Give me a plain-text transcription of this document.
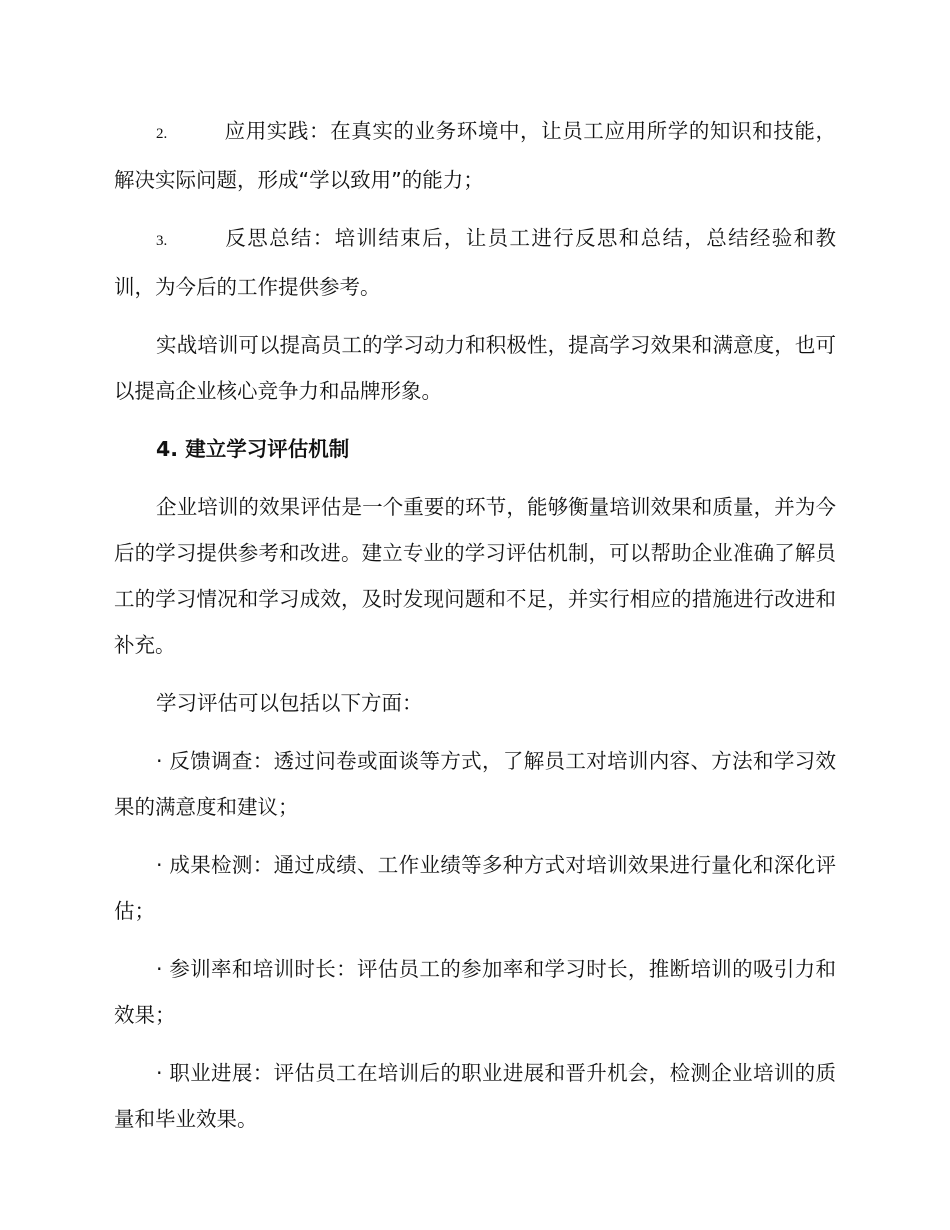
2.	应用实践：在真实的业务环境中，让员工应用所学的知识和技能，解决实际问题，形成“学以致用”的能力；

3.	反思总结：培训结束后，让员工进行反思和总结，总结经验和教训，为今后的工作提供参考。

实战培训可以提高员工的学习动力和积极性，提高学习效果和满意度，也可以提高企业核心竞争力和品牌形象。

4. 建立学习评估机制

企业培训的效果评估是一个重要的环节，能够衡量培训效果和质量，并为今后的学习提供参考和改进。建立专业的学习评估机制，可以帮助企业准确了解员工的学习情况和学习成效，及时发现问题和不足，并实行相应的措施进行改进和补充。

学习评估可以包括以下方面：

· 反馈调查：透过问卷或面谈等方式，了解员工对培训内容、方法和学习效果的满意度和建议；

· 成果检测：通过成绩、工作业绩等多种方式对培训效果进行量化和深化评估；

· 参训率和培训时长：评估员工的参加率和学习时长，推断培训的吸引力和效果；

· 职业进展：评估员工在培训后的职业进展和晋升机会，检测企业培训的质量和毕业效果。
